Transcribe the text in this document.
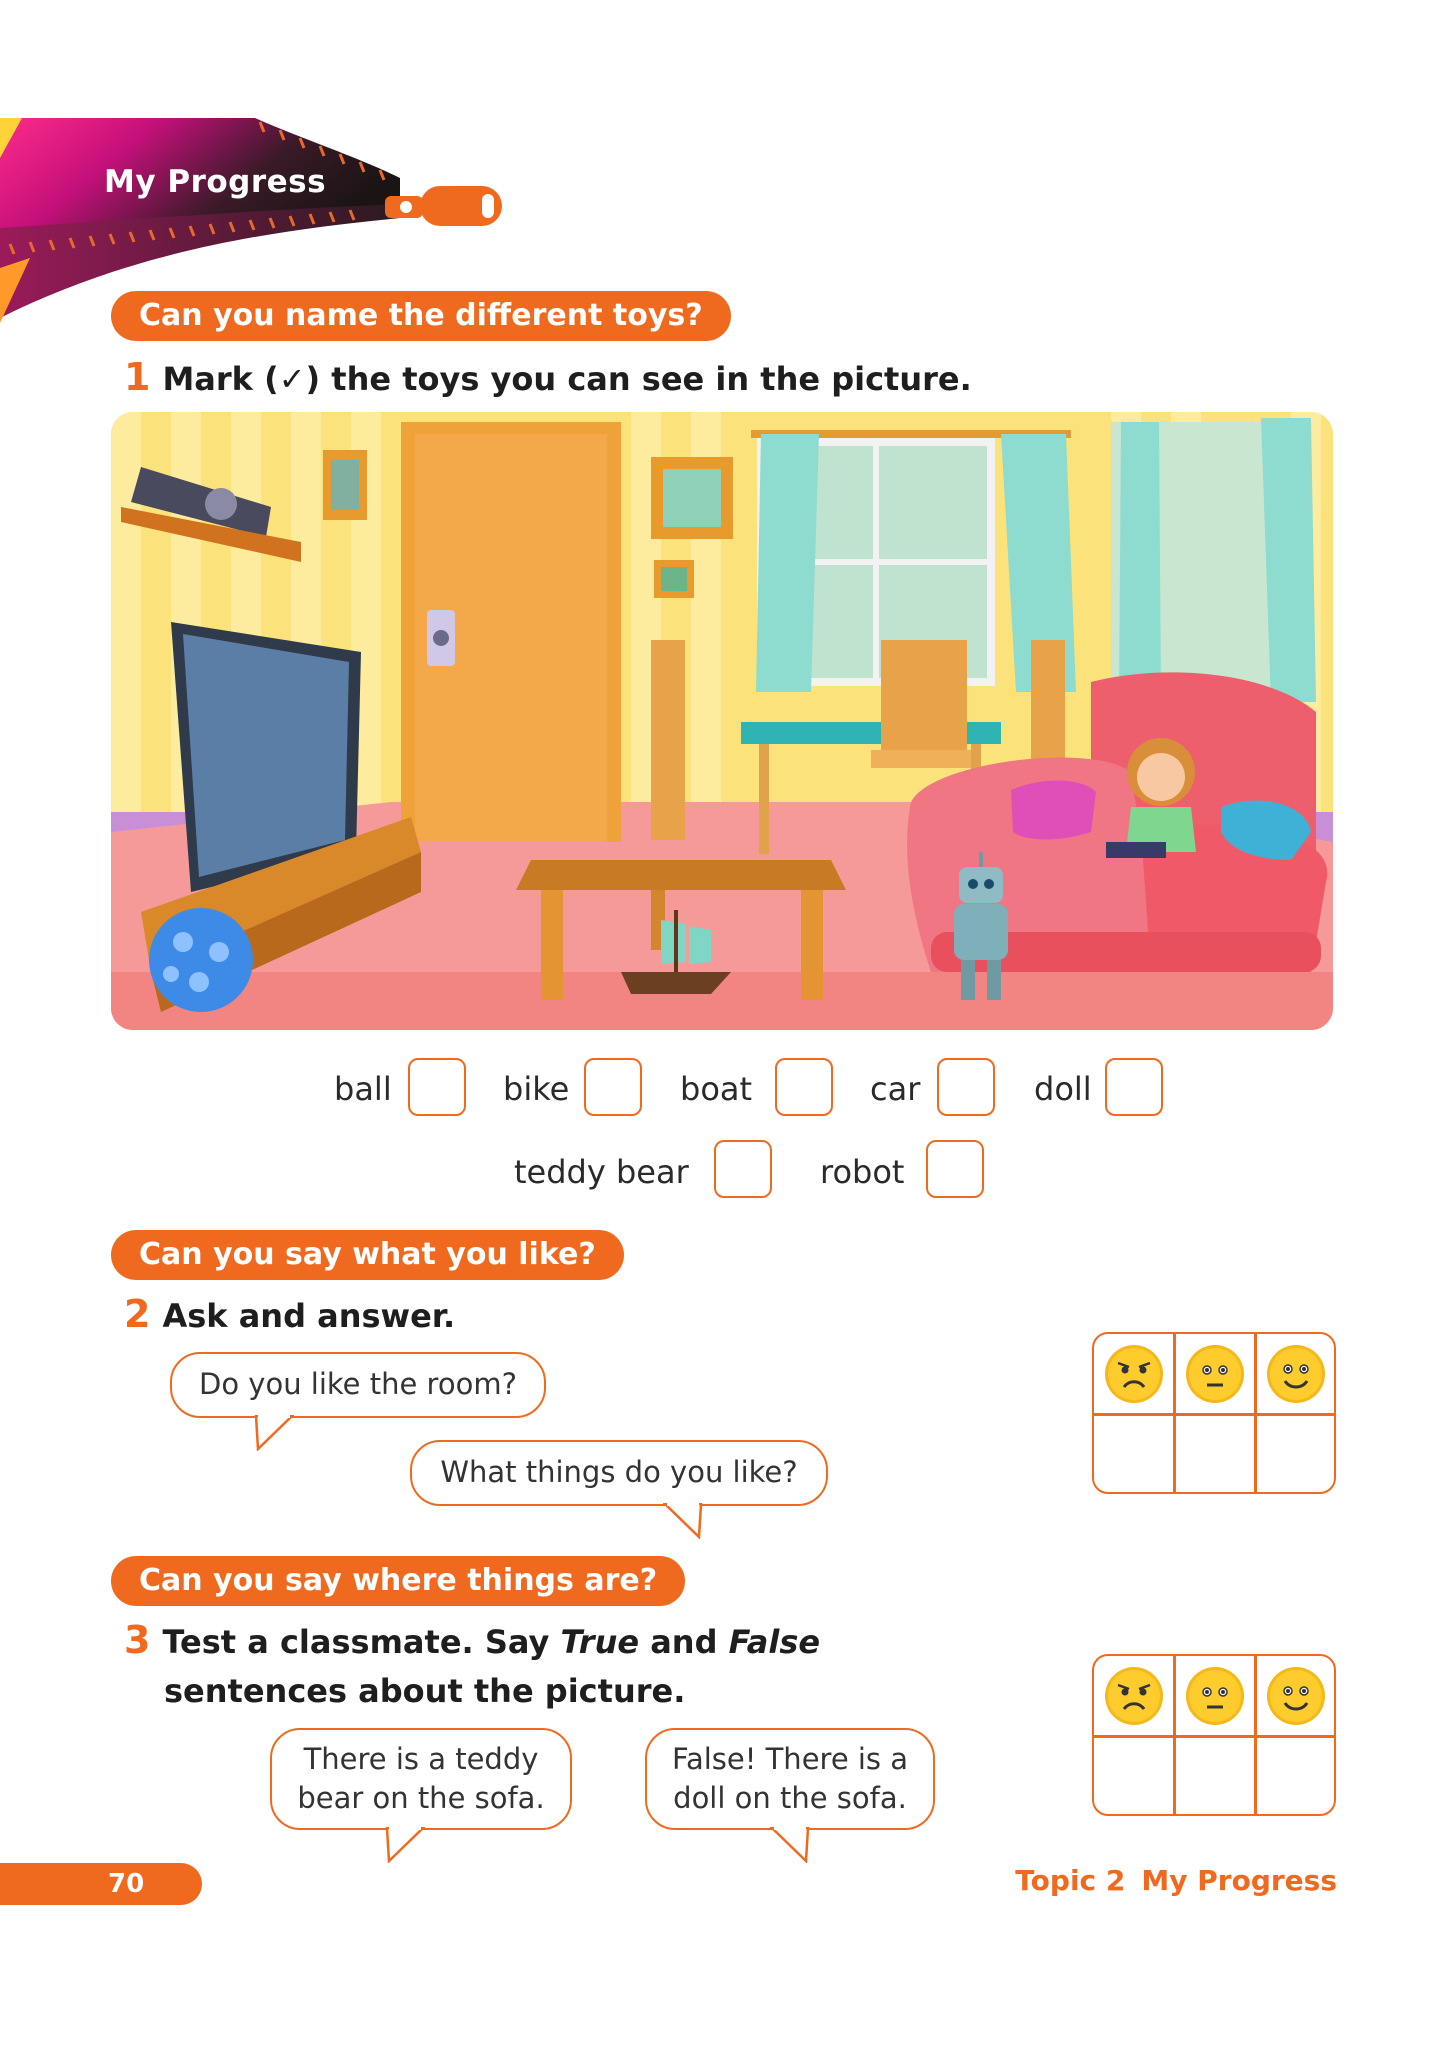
My Progress
Can you name the different toys?
1 Mark (✓) the toys you can see in the picture.
ball	bike	boat	car	doll
teddy bear	robot
Can you say what you like?
2 Ask and answer.
Do you like the room?
What things do you like?
Can you say where things are?
3 Test a classmate. Say True and False
sentences about the picture.
There is a teddy
bear on the sofa.
False! There is a
doll on the sofa.
70	Topic 2 My Progress
